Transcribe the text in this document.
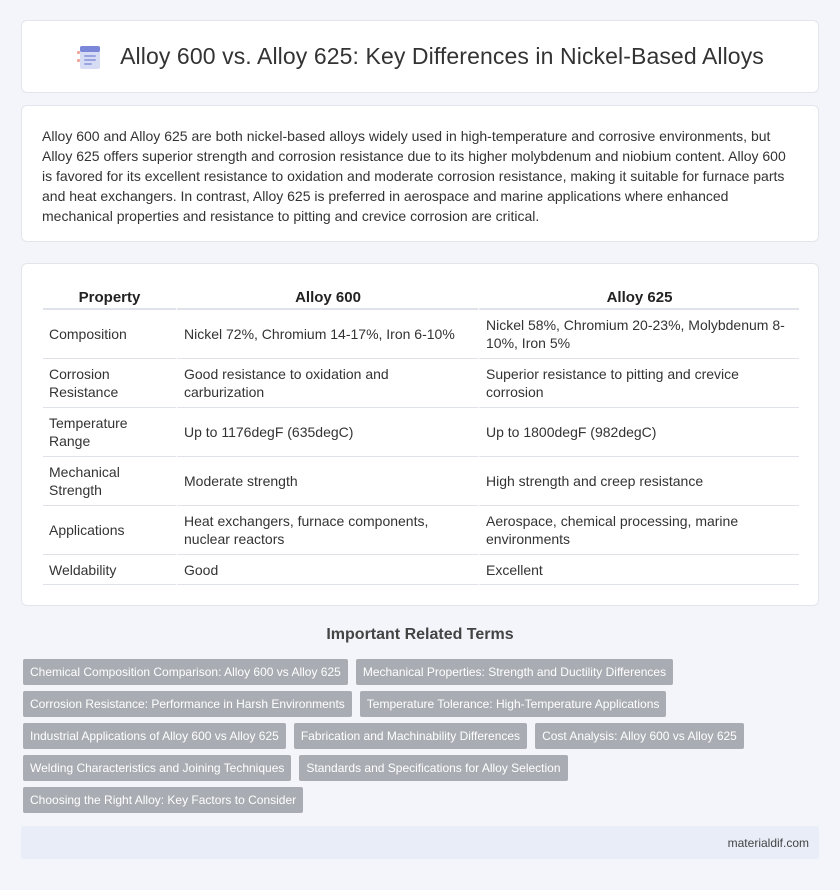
Alloy 600 vs. Alloy 625: Key Differences in Nickel-Based Alloys

Alloy 600 and Alloy 625 are both nickel-based alloys widely used in high-temperature and corrosive environments, but Alloy 625 offers superior strength and corrosion resistance due to its higher molybdenum and niobium content. Alloy 600 is favored for its excellent resistance to oxidation and moderate corrosion resistance, making it suitable for furnace parts and heat exchangers. In contrast, Alloy 625 is preferred in aerospace and marine applications where enhanced mechanical properties and resistance to pitting and crevice corrosion are critical.

Property	Alloy 600	Alloy 625
Composition	Nickel 72%, Chromium 14-17%, Iron 6-10%	Nickel 58%, Chromium 20-23%, Molybdenum 8-10%, Iron 5%
Corrosion Resistance	Good resistance to oxidation and carburization	Superior resistance to pitting and crevice corrosion
Temperature Range	Up to 1176degF (635degC)	Up to 1800degF (982degC)
Mechanical Strength	Moderate strength	High strength and creep resistance
Applications	Heat exchangers, furnace components, nuclear reactors	Aerospace, chemical processing, marine environments
Weldability	Good	Excellent
Important Related Terms
Chemical Composition Comparison: Alloy 600 vs Alloy 625	Mechanical Properties: Strength and Ductility Differences
Corrosion Resistance: Performance in Harsh Environments	Temperature Tolerance: High-Temperature Applications
Industrial Applications of Alloy 600 vs Alloy 625	Fabrication and Machinability Differences	Cost Analysis: Alloy 600 vs Alloy 625
Welding Characteristics and Joining Techniques	Standards and Specifications for Alloy Selection
Choosing the Right Alloy: Key Factors to Consider
materialdif.com
